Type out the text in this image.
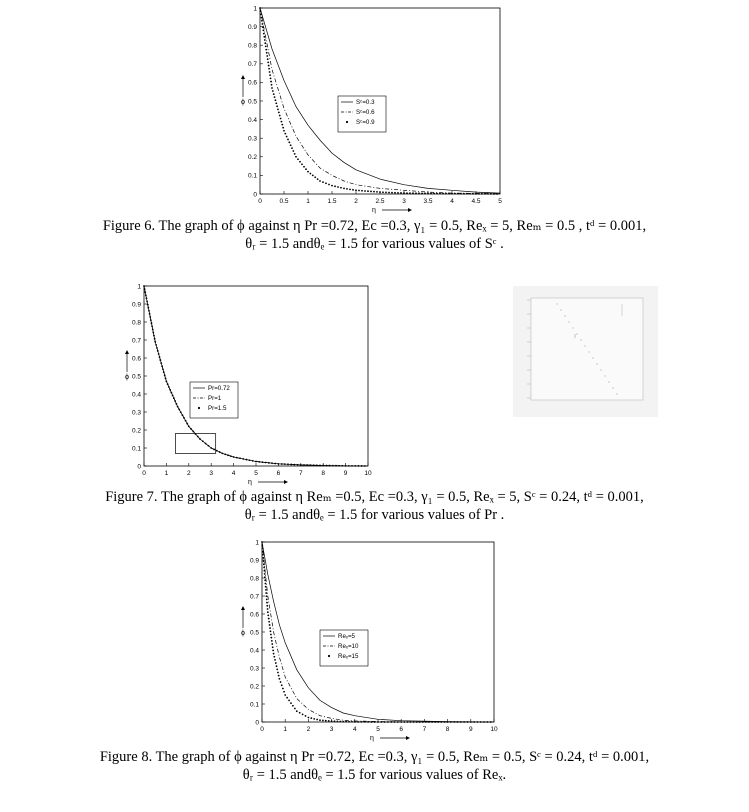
0	0.5	1	1.5	2	2.5	3	3.5	4	4.5	5
0
0.1
0.2
0.3
0.4
0.5
0.6
0.7
0.8
0.9
1
η
ϕ	Sᶜ=0.3
Sᶜ=0.6
Sᶜ=0.9
Figure 6. The graph of ϕ against η Pr =0.72, Ec =0.3, γ₁ = 0.5, Reₓ = 5, Reₘ = 0.5 , tᵈ = 0.001,
θᵣ = 1.5 andθₑ = 1.5 for various values of Sᶜ .
0	1	2	3	4	5	6	7	8	9	10
0
0.1
0.2
0.3
0.4
0.5
0.6
0.7
0.8
0.9
1
η
ϕ
Pr=0.72
Pr=1
Pr=1.5
Figure 7. The graph of ϕ against η Reₘ =0.5, Ec =0.3, γ₁ = 0.5, Reₓ = 5, Sᶜ = 0.24, tᵈ = 0.001,
θᵣ = 1.5 andθₑ = 1.5 for various values of Pr .
0	1	2	3	4	5	6	7	8	9	10
0
0.1
0.2
0.3
0.4
0.5
0.6
0.7
0.8
0.9
1
η
ϕ	Reₓ=5
Reₓ=10
Reₓ=15
Figure 8. The graph of ϕ against η Pr =0.72, Ec =0.3, γ₁ = 0.5, Reₘ = 0.5, Sᶜ = 0.24, tᵈ = 0.001,
θᵣ = 1.5 andθₑ = 1.5 for various values of Reₓ.
